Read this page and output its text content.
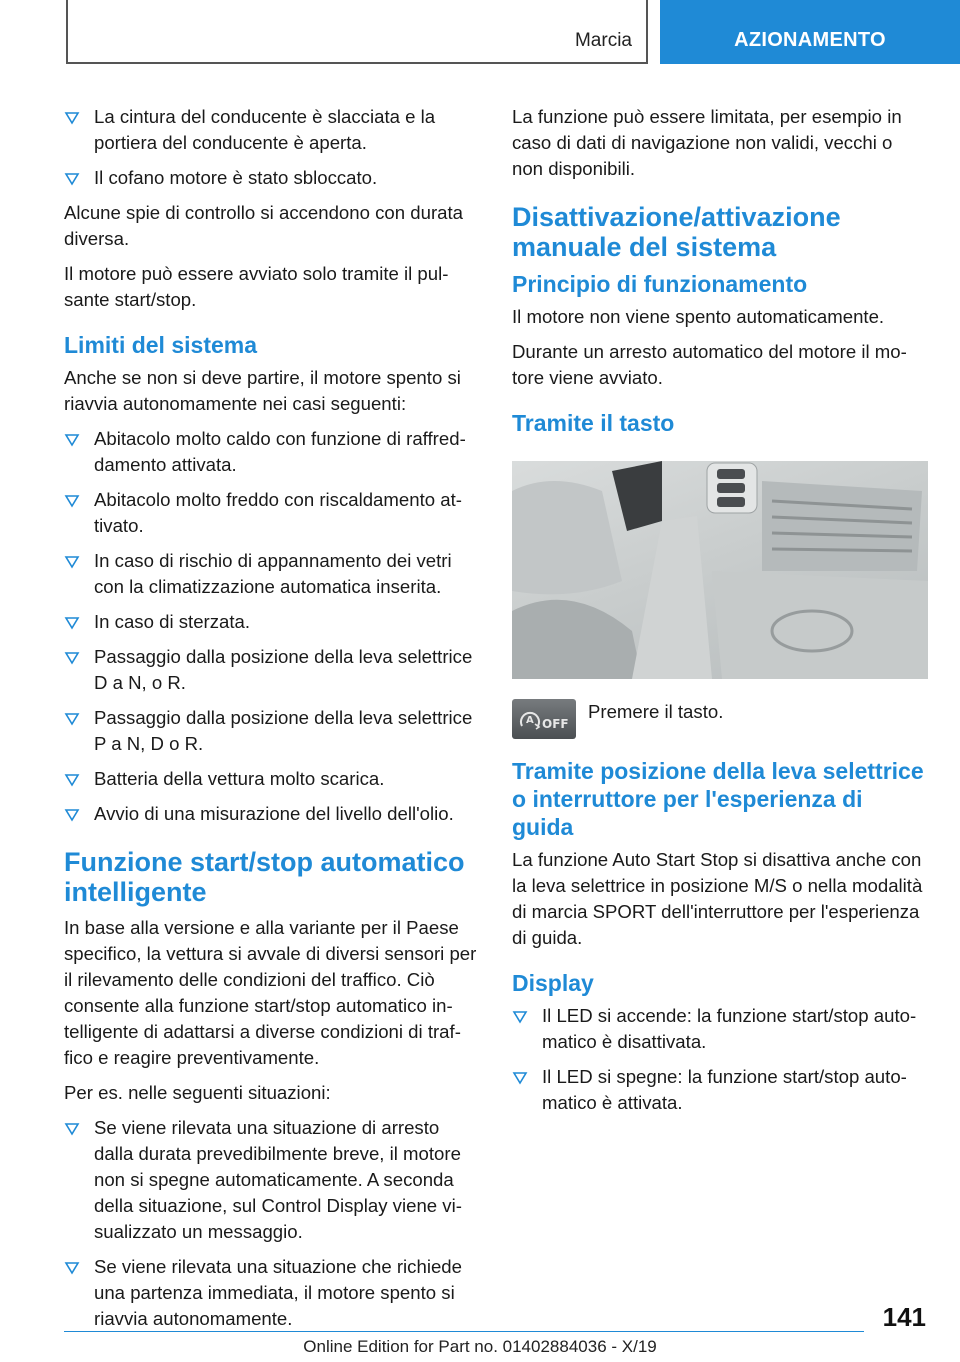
Marcia	AZIONAMENTO
La cintura del conducente è slacciata e la portiera del conducente è aperta.
Il cofano motore è stato sbloccato.

Alcune spie di controllo si accendono con durata diversa.

Il motore può essere avviato solo tramite il pulsante start/stop.

Limiti del sistema

Anche se non si deve partire, il motore spento si riavvia autonomamente nei casi seguenti:

Abitacolo molto caldo con funzione di raffreddamento attivata.
Abitacolo molto freddo con riscaldamento attivato.
In caso di rischio di appannamento dei vetri con la climatizzazione automatica inserita.
In caso di sterzata.
Passaggio dalla posizione della leva selettrice D a N, o R.
Passaggio dalla posizione della leva selettrice P a N, D o R.
Batteria della vettura molto scarica.
Avvio di una misurazione del livello dell'olio.
Funzione start/stop automatico intelligente

In base alla versione e alla variante per il Paese specifico, la vettura si avvale di diversi sensori per il rilevamento delle condizioni del traffico. Ciò consente alla funzione start/stop automatico intelligente di adattarsi a diverse condizioni di traffico e reagire preventivamente.

Per es. nelle seguenti situazioni:

Se viene rilevata una situazione di arresto dalla durata prevedibilmente breve, il motore non si spegne automaticamente. A seconda della situazione, sul Control Display viene visualizzato un messaggio.
Se viene rilevata una situazione che richiede una partenza immediata, il motore spento si riavvia autonomamente.

La funzione può essere limitata, per esempio in caso di dati di navigazione non validi, vecchi o non disponibili.

Disattivazione/attivazione manuale del sistema
Principio di funzionamento

Il motore non viene spento automaticamente.

Durante un arresto automatico del motore il motore viene avviato.

Tramite il tasto
A OFF
Premere il tasto.
Tramite posizione della leva selettrice o interruttore per l'esperienza di guida

La funzione Auto Start Stop si disattiva anche con la leva selettrice in posizione M/S o nella modalità di marcia SPORT dell'interruttore per l'esperienza di guida.

Display
Il LED si accende: la funzione start/stop automatico è disattivata.
Il LED si spegne: la funzione start/stop automatico è attivata.
141
Online Edition for Part no. 01402884036 - X/19
